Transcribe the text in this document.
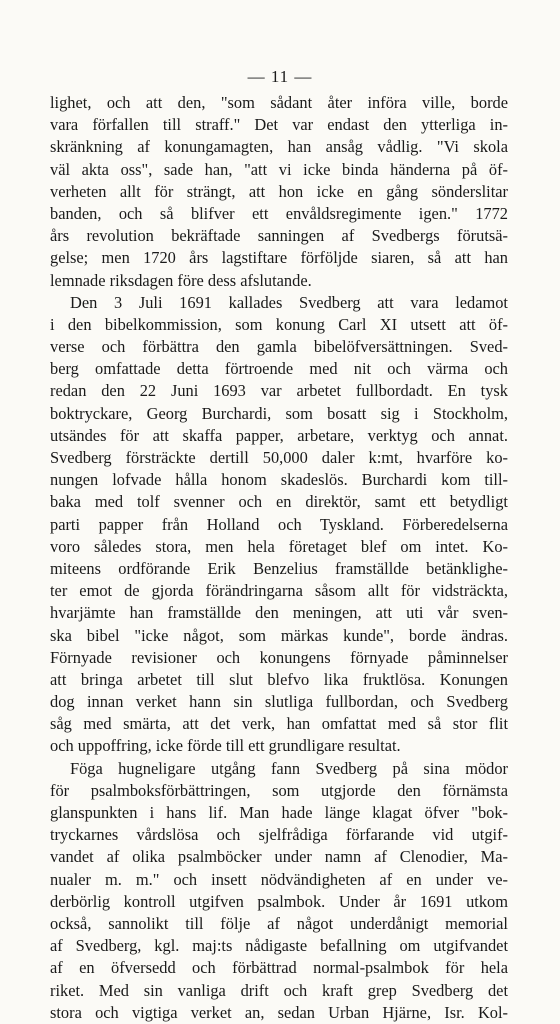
— 11 —
lighet, och att den, "som sådant åter införa ville, borde
vara förfallen till straff." Det var endast den ytterliga in-
skränkning af konungamagten, han ansåg vådlig. "Vi skola
väl akta oss", sade han, "att vi icke binda händerna på öf-
verheten allt för strängt, att hon icke en gång sönderslitar
banden, och så blifver ett envåldsregimente igen." 1772
års revolution bekräftade sanningen af Svedbergs förutsä-
gelse; men 1720 års lagstiftare förföljde siaren, så att han
lemnade riksdagen före dess afslutande.
Den 3 Juli 1691 kallades Svedberg att vara ledamot
i den bibelkommission, som konung Carl XI utsett att öf-
verse och förbättra den gamla bibelöfversättningen. Sved-
berg omfattade detta förtroende med nit och värma och
redan den 22 Juni 1693 var arbetet fullbordadt. En tysk
boktryckare, Georg Burchardi, som bosatt sig i Stockholm,
utsändes för att skaffa papper, arbetare, verktyg och annat.
Svedberg försträckte dertill 50,000 daler k:mt, hvarföre ko-
nungen lofvade hålla honom skadeslös. Burchardi kom till-
baka med tolf svenner och en direktör, samt ett betydligt
parti papper från Holland och Tyskland. Förberedelserna
voro således stora, men hela företaget blef om intet. Ko-
miteens ordförande Erik Benzelius framställde betänklighe-
ter emot de gjorda förändringarna såsom allt för vidsträckta,
hvarjämte han framställde den meningen, att uti vår sven-
ska bibel "icke något, som märkas kunde", borde ändras.
Förnyade revisioner och konungens förnyade påminnelser
att bringa arbetet till slut blefvo lika fruktlösa. Konungen
dog innan verket hann sin slutliga fullbordan, och Svedberg
såg med smärta, att det verk, han omfattat med så stor flit
och uppoffring, icke förde till ett grundligare resultat.
Föga hugneligare utgång fann Svedberg på sina mödor
för psalmboksförbättringen, som utgjorde den förnämsta
glanspunkten i hans lif. Man hade länge klagat öfver "bok-
tryckarnes vårdslösa och sjelfrådiga förfarande vid utgif-
vandet af olika psalmböcker under namn af Clenodier, Ma-
nualer m. m." och insett nödvändigheten af en under ve-
derbörlig kontroll utgifven psalmbok. Under år 1691 utkom
också, sannolikt till följe af något underdånigt memorial
af Svedberg, kgl. maj:ts nådigaste befallning om utgifvandet
af en öfversedd och förbättrad normal-psalmbok för hela
riket. Med sin vanliga drift och kraft grep Svedberg det
stora och vigtiga verket an, sedan Urban Hjärne, Isr. Kol-
